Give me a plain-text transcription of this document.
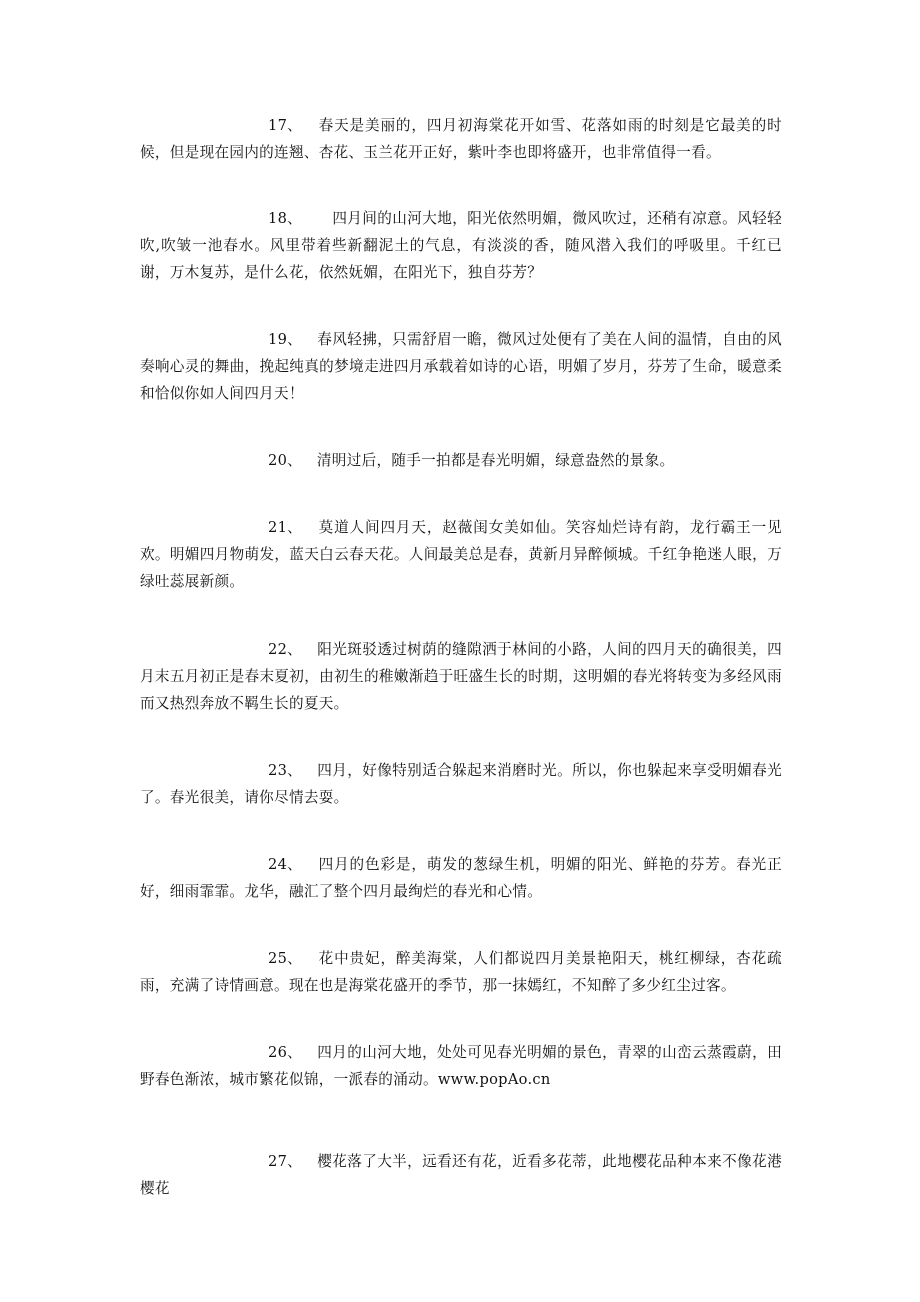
17、 春天是美丽的，四月初海棠花开如雪、花落如雨的时刻是它最美的时候，但是现在园内的连翘、杏花、玉兰花开正好，紫叶李也即将盛开，也非常值得一看。

18、 四月间的山河大地，阳光依然明媚，微风吹过，还稍有凉意。风轻轻吹,吹皱一池春水。风里带着些新翻泥土的气息，有淡淡的香，随风潜入我们的呼吸里。千红已谢，万木复苏，是什么花，依然妩媚，在阳光下，独自芬芳？

19、 春风轻拂，只需舒眉一瞻，微风过处便有了美在人间的温情，自由的风奏响心灵的舞曲，挽起纯真的梦境走进四月承载着如诗的心语，明媚了岁月，芬芳了生命，暖意柔和恰似你如人间四月天！

20、 清明过后，随手一拍都是春光明媚，绿意盎然的景象。

21、 莫道人间四月天，赵薇闺女美如仙。笑容灿烂诗有韵，龙行霸王一见欢。明媚四月物萌发，蓝天白云春天花。人间最美总是春，黄新月异醉倾城。千红争艳迷人眼，万绿吐蕊展新颜。

22、 阳光斑驳透过树荫的缝隙洒于林间的小路，人间的四月天的确很美，四月末五月初正是春末夏初，由初生的稚嫩渐趋于旺盛生长的时期，这明媚的春光将转变为多经风雨而又热烈奔放不羁生长的夏天。

23、 四月，好像特别适合躲起来消磨时光。所以，你也躲起来享受明媚春光了。春光很美，请你尽情去耍。

24、 四月的色彩是，萌发的葱绿生机，明媚的阳光、鲜艳的芬芳。春光正好，细雨霏霏。龙华，融汇了整个四月最绚烂的春光和心情。

25、 花中贵妃，醉美海棠，人们都说四月美景艳阳天，桃红柳绿，杏花疏雨，充满了诗情画意。现在也是海棠花盛开的季节，那一抹嫣红，不知醉了多少红尘过客。

26、 四月的山河大地，处处可见春光明媚的景色，青翠的山峦云蒸霞蔚，田野春色渐浓，城市繁花似锦，一派春的涌动。www.popAo.cn

27、 樱花落了大半，远看还有花，近看多花蒂，此地樱花品种本来不像花港樱花
